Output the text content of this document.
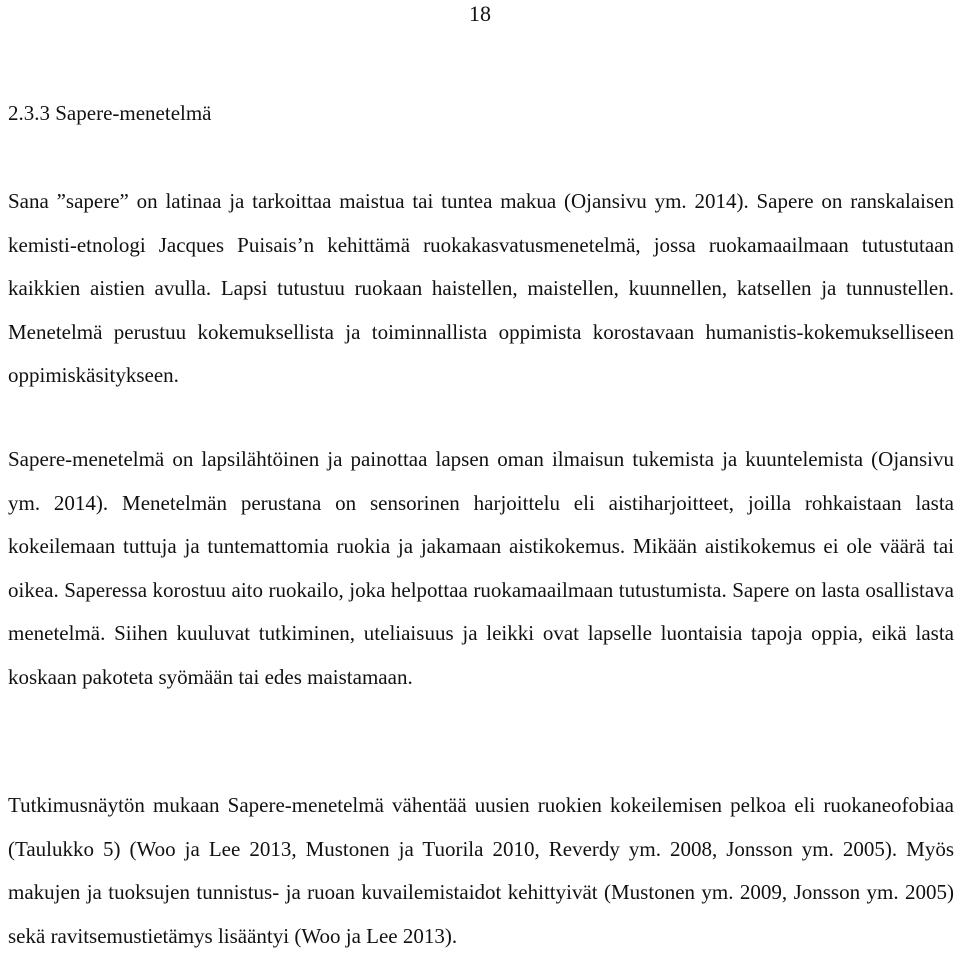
18
2.3.3 Sapere-menetelmä

Sana ”sapere” on latinaa ja tarkoittaa maistua tai tuntea makua (Ojansivu ym. 2014). Sapere on ranskalaisen kemisti-etnologi Jacques Puisais’n kehittämä ruokakasvatusmenetelmä, jossa ruokamaailmaan tutustutaan kaikkien aistien avulla. Lapsi tutustuu ruokaan haistellen, maistellen, kuunnellen, katsellen ja tunnustellen. Menetelmä perustuu kokemuksellista ja toiminnallista oppimista korostavaan humanistis-kokemukselliseen oppimiskäsitykseen.

Sapere-menetelmä on lapsilähtöinen ja painottaa lapsen oman ilmaisun tukemista ja kuuntelemista (Ojansivu ym. 2014). Menetelmän perustana on sensorinen harjoittelu eli aistiharjoitteet, joilla rohkaistaan lasta kokeilemaan tuttuja ja tuntemattomia ruokia ja jakamaan aistikokemus. Mikään aistikokemus ei ole väärä tai oikea. Saperessa korostuu aito ruokailo, joka helpottaa ruokamaailmaan tutustumista. Sapere on lasta osallistava menetelmä. Siihen kuuluvat tutkiminen, uteliaisuus ja leikki ovat lapselle luontaisia tapoja oppia, eikä lasta koskaan pakoteta syömään tai edes maistamaan.

Tutkimusnäytön mukaan Sapere-menetelmä vähentää uusien ruokien kokeilemisen pelkoa eli ruokaneofobiaa (Taulukko 5) (Woo ja Lee 2013, Mustonen ja Tuorila 2010, Reverdy ym. 2008, Jonsson ym. 2005). Myös makujen ja tuoksujen tunnistus- ja ruoan kuvailemistaidot kehittyivät (Mustonen ym. 2009, Jonsson ym. 2005) sekä ravitsemustietämys lisääntyi (Woo ja Lee 2013).
